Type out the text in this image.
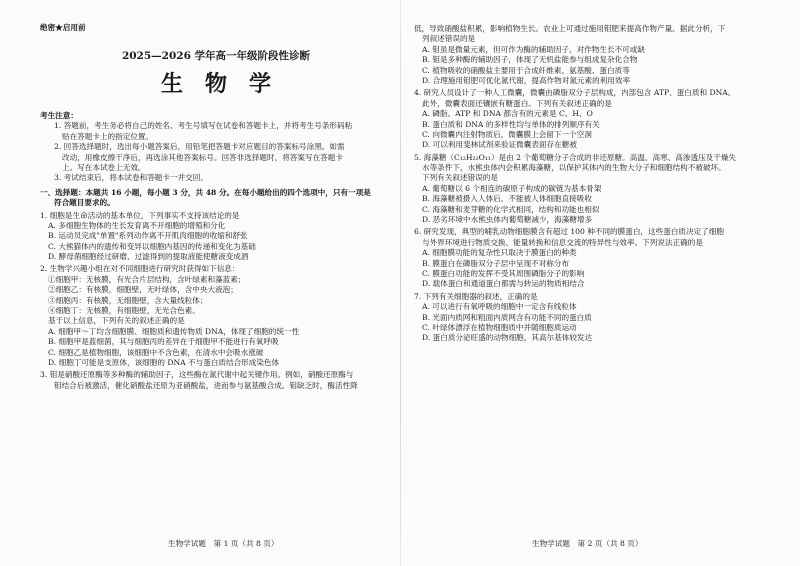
绝密★启用前
2025—2026 学年高一年级阶段性诊断
生物学
考生注意：
1. 答题前，考生务必将自己的姓名、考生号填写在试卷和答题卡上，并将考生号条形码粘
贴在答题卡上的指定位置。
2. 回答选择题时，选出每小题答案后，用铅笔把答题卡对应题目的答案标号涂黑。如需
改动，用橡皮擦干净后，再选涂其他答案标号。回答非选择题时，将答案写在答题卡
上。写在本试卷上无效。
3. 考试结束后，将本试卷和答题卡一并交回。
一、选择题：本题共 16 小题，每小题 3 分，共 48 分。在每小题给出的四个选项中，只有一项是
符合题目要求的。
1. 细胞是生命活动的基本单位，下列事实不支持该结论的是
A. 多细胞生物体的生长发育离不开细胞的增殖和分化
B. 运动员完成"单置"系列动作离不开肌肉细胞的收缩和舒张
C. 大熊猫体内的遗传和变异以细胞内基因的传递和变化为基础
D. 酵母菌细胞经过研磨、过滤得到的提取液能使糖液变成酒
2. 生物学兴趣小组在对不同细胞进行研究时获得如下信息：
①细胞甲：无核膜，有光合片层结构，含叶绿素和藻蓝素；
②细胞乙：有核膜，细胞壁，无叶绿体，含中央大液泡；
③细胞丙：有核膜，无细胞壁，含大量线粒体；
④细胞丁：无核膜，有细胞壁，无光合色素。
基于以上信息，下列有关的叙述正确的是
A. 细胞甲～丁均含细胞膜、细胞质和遗传物质 DNA，体现了细胞的统一性
B. 细胞甲是蓝细菌，其与细胞丙的差异在于细胞甲不能进行有氧呼吸
C. 细胞乙是植物细胞，该细胞中不含色素，在清水中会吸水涨破
D. 细胞丁可能是支原体，该细胞的 DNA 不与蛋白质结合形成染色体
3. 钼是硝酸还原酶等多种酶的辅助因子，这些酶在氮代谢中起关键作用。例如，硝酸还原酶与
钼结合后被激活，催化硝酸盐还原为亚硝酸盐，进而参与氨基酸合成。钼缺乏时，酶活性降
生物学试题　第 1 页（共 8 页）
低，导致硝酸盐积累，影响植物生长。农业上可通过施用钼肥来提高作物产量。据此分析，下
列叙述错误的是
A. 钼虽是微量元素，但可作为酶的辅助因子，对作物生长不可或缺
B. 钼是多种酶的辅助因子，体现了无机盐能参与组成复杂化合物
C. 植物吸收的硝酸盐主要用于合成纤维素、氨基酸、蛋白质等
D. 合理施用钼肥可优化氮代谢，提高作物对氮元素的利用效率
4. 研究人员设计了一种人工微囊，微囊由磷脂双分子层构成，内部包含 ATP、蛋白质和 DNA。
此外，微囊表面还镶嵌有糖蛋白。下列有关叙述正确的是
A. 磷脂、ATP 和 DNA 都含有的元素是 C、H、O
B. 蛋白质和 DNA 的多样性均与单体的排列顺序有关
C. 向微囊内注射物质后，微囊膜上会留下一个空洞
D. 可以利用斐林试剂来验证微囊表面存在糖被
5. 海藻糖（C₁₂H₂₂O₁₁）是由 2 个葡萄糖分子合成的非还原糖。高温、高寒、高渗透压及干燥失
水等条件下，水熊虫体内会积累海藻糖，以保护其体内的生物大分子和细胞结构不被破坏。
下列有关叙述错误的是
A. 葡萄糖以 6 个相连的碳原子构成的碳链为基本骨架
B. 海藻糖被摄入人体后，不能被人体细胞直接吸收
C. 海藻糖和麦芽糖的化学式相同，结构和功能也相似
D. 恶劣环境中水熊虫体内葡萄糖减少，海藻糖增多
6. 研究发现，典型的哺乳动物细胞膜含有超过 100 种不同的膜蛋白，这些蛋白质决定了细胞
与外界环境进行物质交换、能量转换和信息交流的特异性与效率。下列说法正确的是
A. 细胞膜功能的复杂性只取决于膜蛋白的种类
B. 膜蛋白在磷脂双分子层中呈现不对称分布
C. 膜蛋白功能的发挥不受其周围磷脂分子的影响
D. 载体蛋白和通道蛋白都需与转运的物质相结合
7. 下列有关细胞器的叙述，正确的是
A. 可以进行有氧呼吸的细胞中一定含有线粒体
B. 光面内质网和粗面内质网含有功能不同的蛋白质
C. 叶绿体漂浮在植物细胞质中并随细胞质运动
D. 蛋白质分泌旺盛的动物细胞，其高尔基体较发达
生物学试题　第 2 页（共 8 页）
